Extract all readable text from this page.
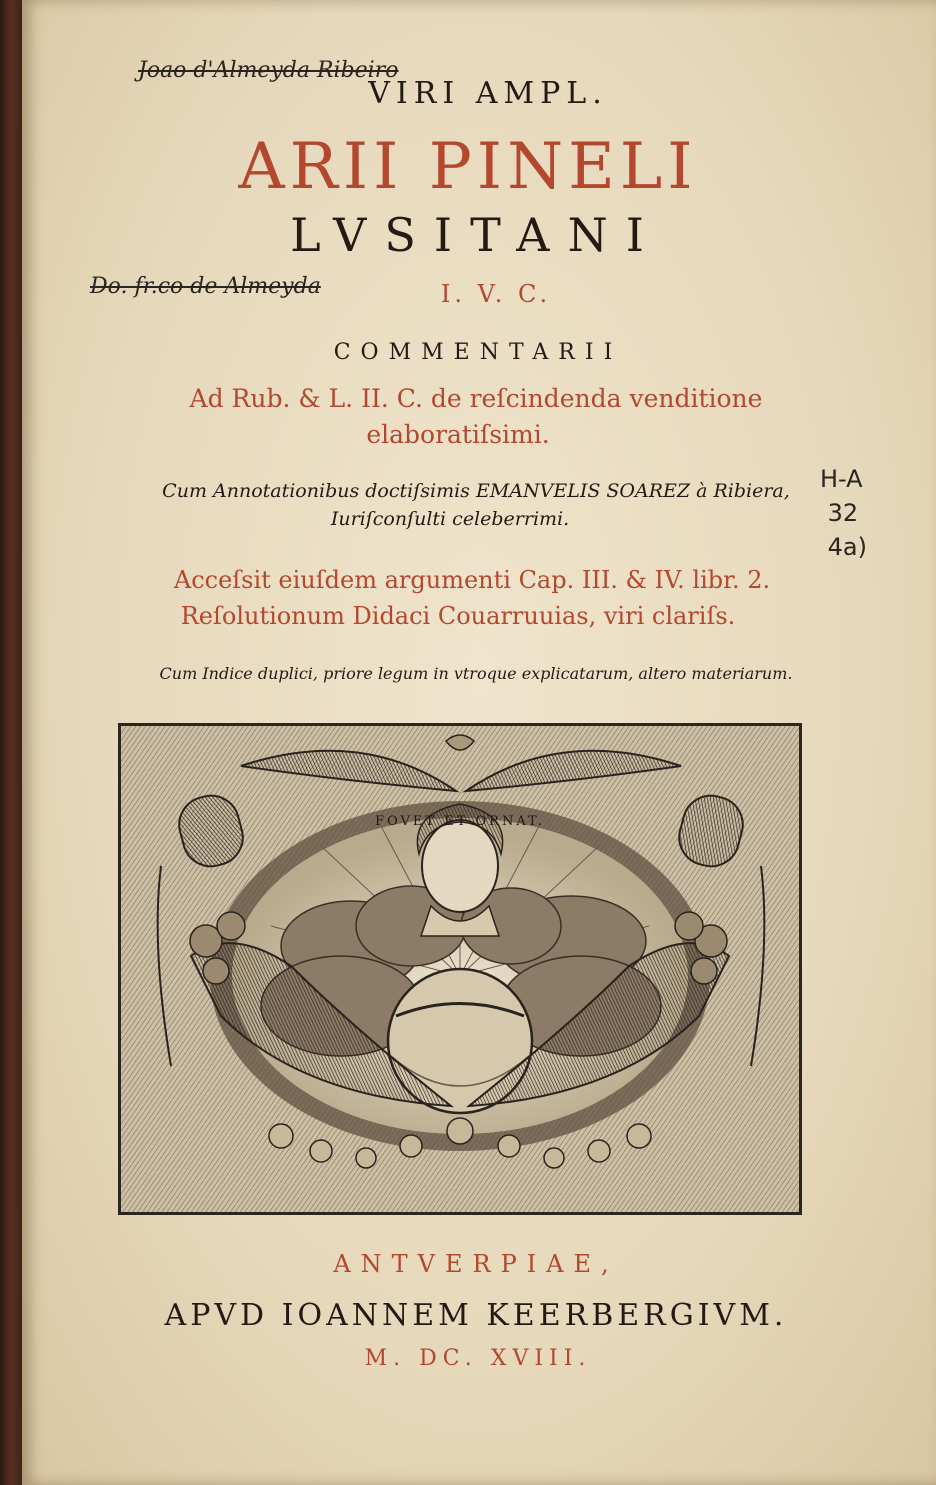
Joao d'Almeyda Ribeiro
VIRI AMPL.
ARII PINELI
LVSITANI
Do. fr.co de Almeyda	I. V. C.
COMMENTARII
Ad Rub. & L. II. C. de reſcindenda venditione
elaboratiſsimi.
Cum Annotationibus doctiſsimis EMANVELIS SOAREZ à Ribiera,
Iuriſconſulti celeberrimi.
H-A
32
4a)
Acceſsit eiuſdem argumenti Cap. III. & IV. libr. 2.
Reſolutionum Didaci Couarruuias, viri clariſs.
Cum Indice duplici, priore legum in vtroque explicatarum, altero materiarum.
FOVET ET ORNAT.
ANTVERPIAE,
APVD IOANNEM KEERBERGIVM.
M. DC. XVIII.
